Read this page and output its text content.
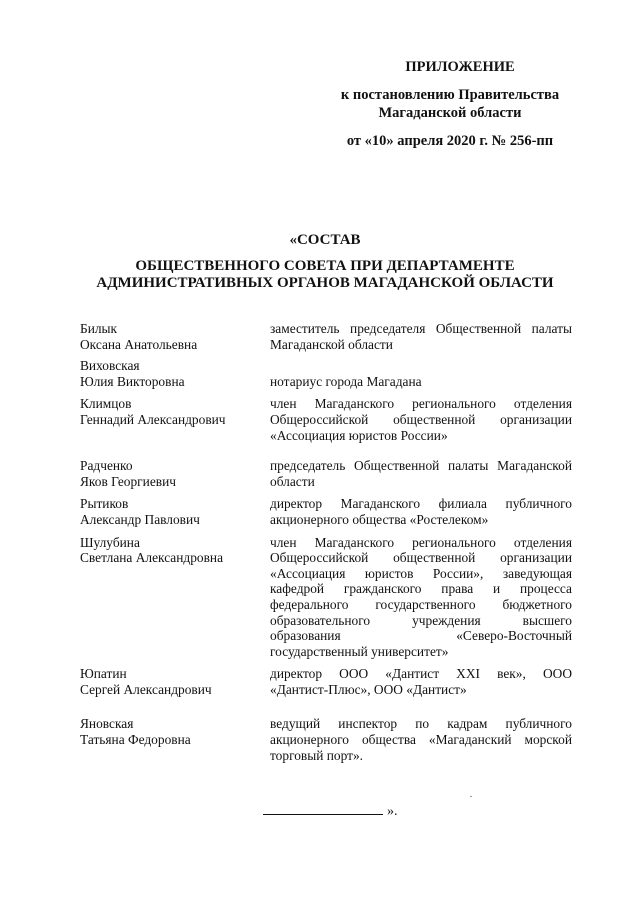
ПРИЛОЖЕНИЕ
к постановлению Правительства
Магаданской области
от «10» апреля 2020 г. № 256-пп
«СОСТАВ
ОБЩЕСТВЕННОГО СОВЕТА ПРИ ДЕПАРТАМЕНТЕ
АДМИНИСТРАТИВНЫХ ОРГАНОВ МАГАДАНСКОЙ ОБЛАСТИ
Билык
Оксана Анатольевна
заместитель председателя Общественной палаты
Магаданской области
Виховская
Юлия Викторовна	нотариус города Магадана
Климцов
Геннадий Александрович
член Магаданского регионального отделения
Общероссийской общественной организации
«Ассоциация юристов России»
Радченко
Яков Георгиевич
председатель Общественной палаты Магаданской
области
Рытиков
Александр Павлович
директор Магаданского филиала публичного
акционерного общества «Ростелеком»
Шулубина
Светлана Александровна
член Магаданского регионального отделения
Общероссийской общественной организации
«Ассоциация юристов России», заведующая
кафедрой гражданского права и процесса
федерального государственного бюджетного
образовательного учреждения высшего
образования «Северо-Восточный
государственный университет»
Юпатин
Сергей Александрович
директор ООО «Дантист XXI век», ООО
«Дантист-Плюс», ООО «Дантист»
Яновская
Татьяна Федоровна
ведущий инспектор по кадрам публичного
акционерного общества «Магаданский морской
торговый порт».
».
